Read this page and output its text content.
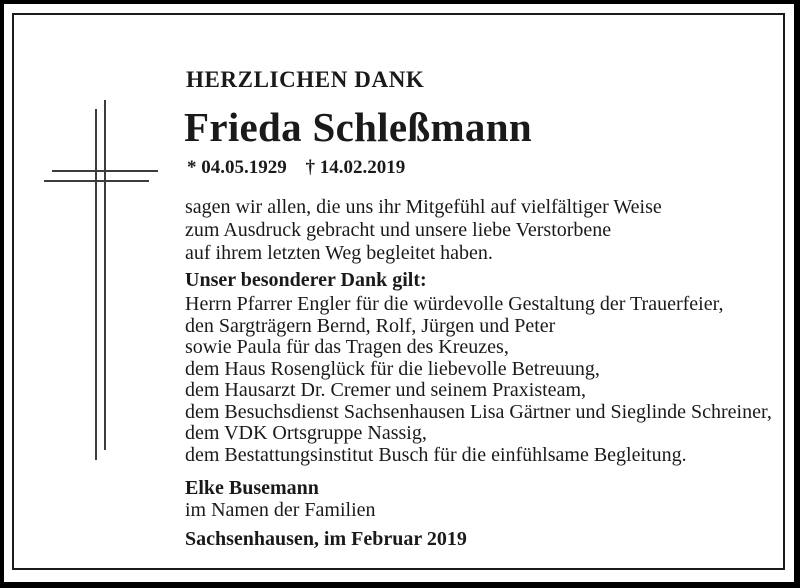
HERZLICHEN DANK
Frieda Schleßmann
* 04.05.1929 † 14.02.2019
sagen wir allen, die uns ihr Mitgefühl auf vielfältiger Weise
zum Ausdruck gebracht und unsere liebe Verstorbene
auf ihrem letzten Weg begleitet haben.
Unser besonderer Dank gilt:
Herrn Pfarrer Engler für die würdevolle Gestaltung der Trauerfeier,
den Sargträgern Bernd, Rolf, Jürgen und Peter
sowie Paula für das Tragen des Kreuzes,
dem Haus Rosenglück für die liebevolle Betreuung,
dem Hausarzt Dr. Cremer und seinem Praxisteam,
dem Besuchsdienst Sachsenhausen Lisa Gärtner und Sieglinde Schreiner,
dem VDK Ortsgruppe Nassig,
dem Bestattungsinstitut Busch für die einfühlsame Begleitung.
Elke Busemann
im Namen der Familien
Sachsenhausen, im Februar 2019
